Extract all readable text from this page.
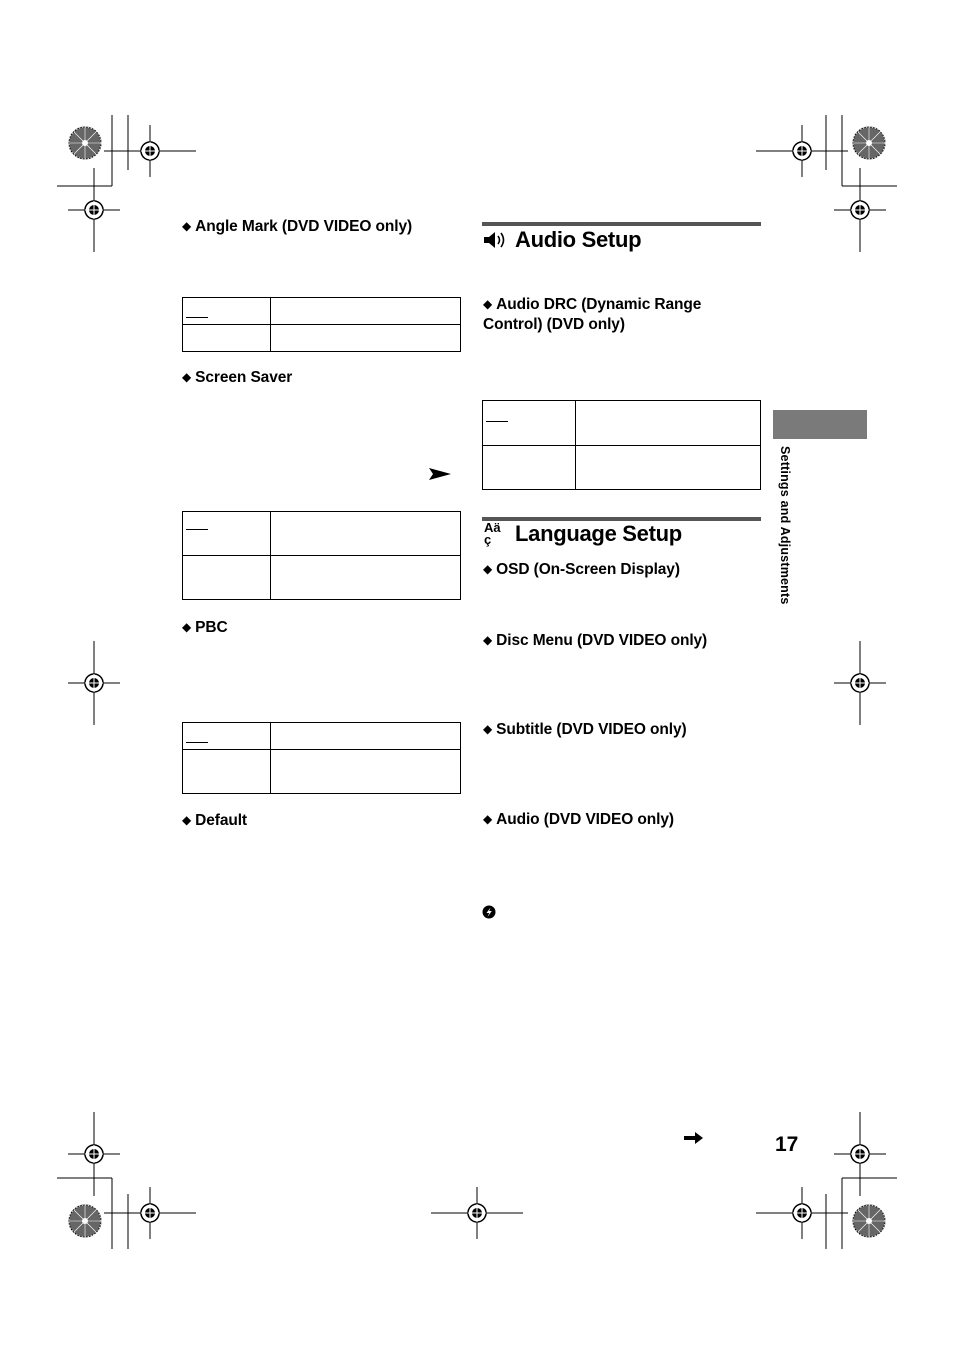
◆ Angle Mark (DVD VIDEO only)

◆ Screen Saver

◆ PBC

◆ Default
Audio Setup
◆ Audio DRC (Dynamic Range Control) (DVD only)

Aä
ç	Language Setup
◆ OSD (On-Screen Display)
◆ Disc Menu (DVD VIDEO only)
◆ Subtitle (DVD VIDEO only)
◆ Audio (DVD VIDEO only)
Settings and Adjustments
17
